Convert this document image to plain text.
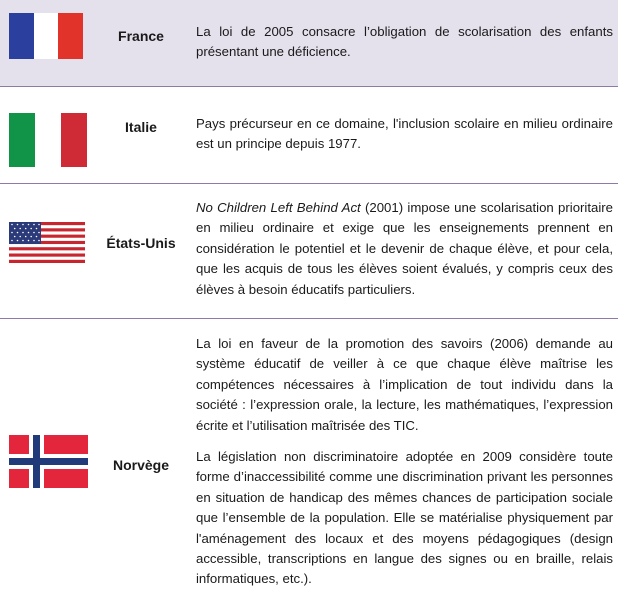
France	La loi de 2005 consacre l’obligation de scolarisation des enfants présentant une déficience.

Italie	Pays précurseur en ce domaine, l'inclusion scolaire en milieu ordinaire est un principe depuis 1977.

États-Unis

No Children Left Behind Act (2001) impose une scolarisation prioritaire en milieu ordinaire et exige que les enseignements prennent en considération le potentiel et le devenir de chaque élève, et pour cela, que les acquis de tous les élèves soient évalués, y compris ceux des élèves à besoin éducatifs particuliers.

Norvège

La loi en faveur de la promotion des savoirs (2006) demande au système éducatif de veiller à ce que chaque élève maîtrise les compétences nécessaires à l’implication de tout individu dans la société : l’expression orale, la lecture, les mathématiques, l’expression écrite et l’utilisation maîtrisée des TIC.

La législation non discriminatoire adoptée en 2009 considère toute forme d’inaccessibilité comme une discrimination privant les personnes en situation de handicap des mêmes chances de participation sociale que l’ensemble de la population. Elle se matérialise physiquement par l'aménagement des locaux et des moyens pédagogiques (design accessible, transcriptions en langue des signes ou en braille, relais informatiques, etc.).
